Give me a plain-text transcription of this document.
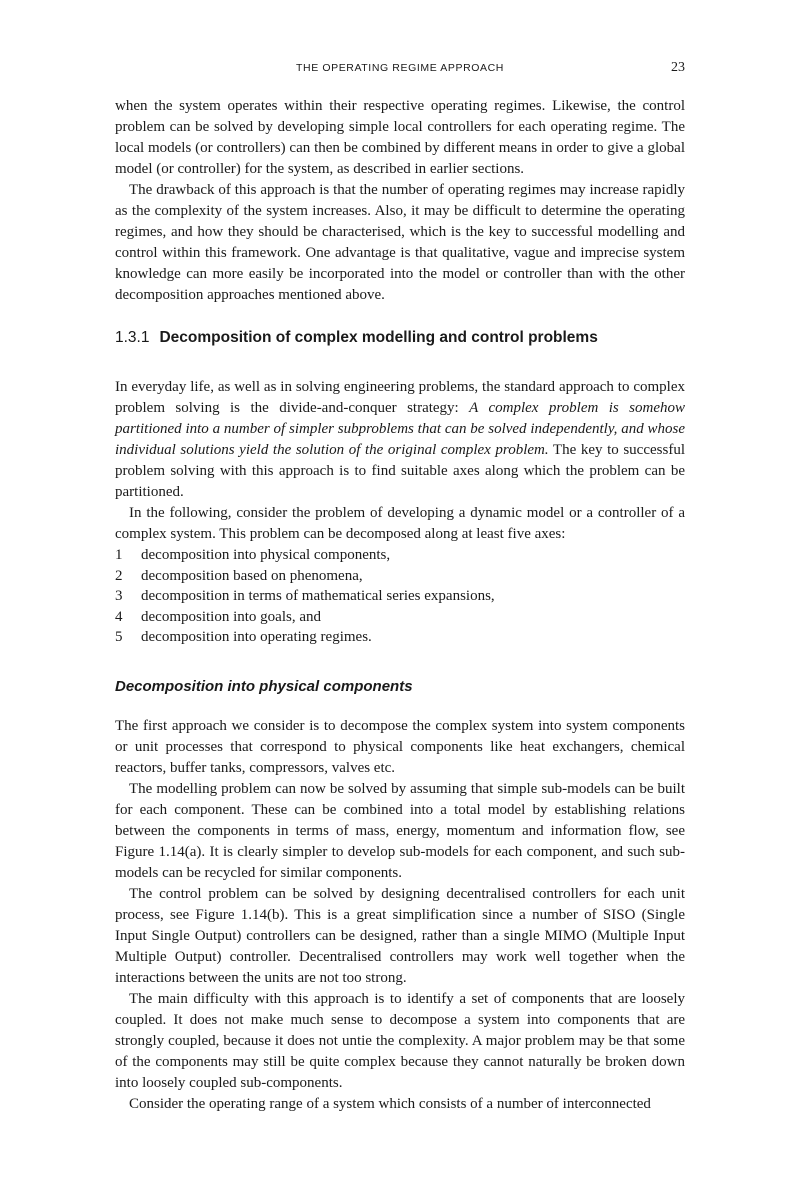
THE OPERATING REGIME APPROACH	23

when the system operates within their respective operating regimes. Likewise, the control problem can be solved by developing simple local controllers for each operating regime. The local models (or controllers) can then be combined by different means in order to give a global model (or controller) for the system, as described in earlier sections.

The drawback of this approach is that the number of operating regimes may increase rapidly as the complexity of the system increases. Also, it may be difficult to determine the operating regimes, and how they should be characterised, which is the key to successful modelling and control within this framework. One advantage is that qualitative, vague and imprecise system knowledge can more easily be incorporated into the model or controller than with the other decomposition approaches mentioned above.

1.3.1 Decomposition of complex modelling and control problems

In everyday life, as well as in solving engineering problems, the standard approach to complex problem solving is the divide-and-conquer strategy: A complex problem is somehow partitioned into a number of simpler subproblems that can be solved independently, and whose individual solutions yield the solution of the original complex problem. The key to successful problem solving with this approach is to find suitable axes along which the problem can be partitioned.

In the following, consider the problem of developing a dynamic model or a controller of a complex system. This problem can be decomposed along at least five axes:

1	decomposition into physical components,
2	decomposition based on phenomena,
3	decomposition in terms of mathematical series expansions,
4	decomposition into goals, and
5	decomposition into operating regimes.
Decomposition into physical components

The first approach we consider is to decompose the complex system into system components or unit processes that correspond to physical components like heat exchangers, chemical reactors, buffer tanks, compressors, valves etc.

The modelling problem can now be solved by assuming that simple sub-models can be built for each component. These can be combined into a total model by establishing relations between the components in terms of mass, energy, momentum and information flow, see Figure 1.14(a). It is clearly simpler to develop sub-models for each component, and such sub-models can be recycled for similar components.

The control problem can be solved by designing decentralised controllers for each unit process, see Figure 1.14(b). This is a great simplification since a number of SISO (Single Input Single Output) controllers can be designed, rather than a single MIMO (Multiple Input Multiple Output) controller. Decentralised controllers may work well together when the interactions between the units are not too strong.

The main difficulty with this approach is to identify a set of components that are loosely coupled. It does not make much sense to decompose a system into components that are strongly coupled, because it does not untie the complexity. A major problem may be that some of the components may still be quite complex because they cannot naturally be broken down into loosely coupled sub-components.

Consider the operating range of a system which consists of a number of interconnected
